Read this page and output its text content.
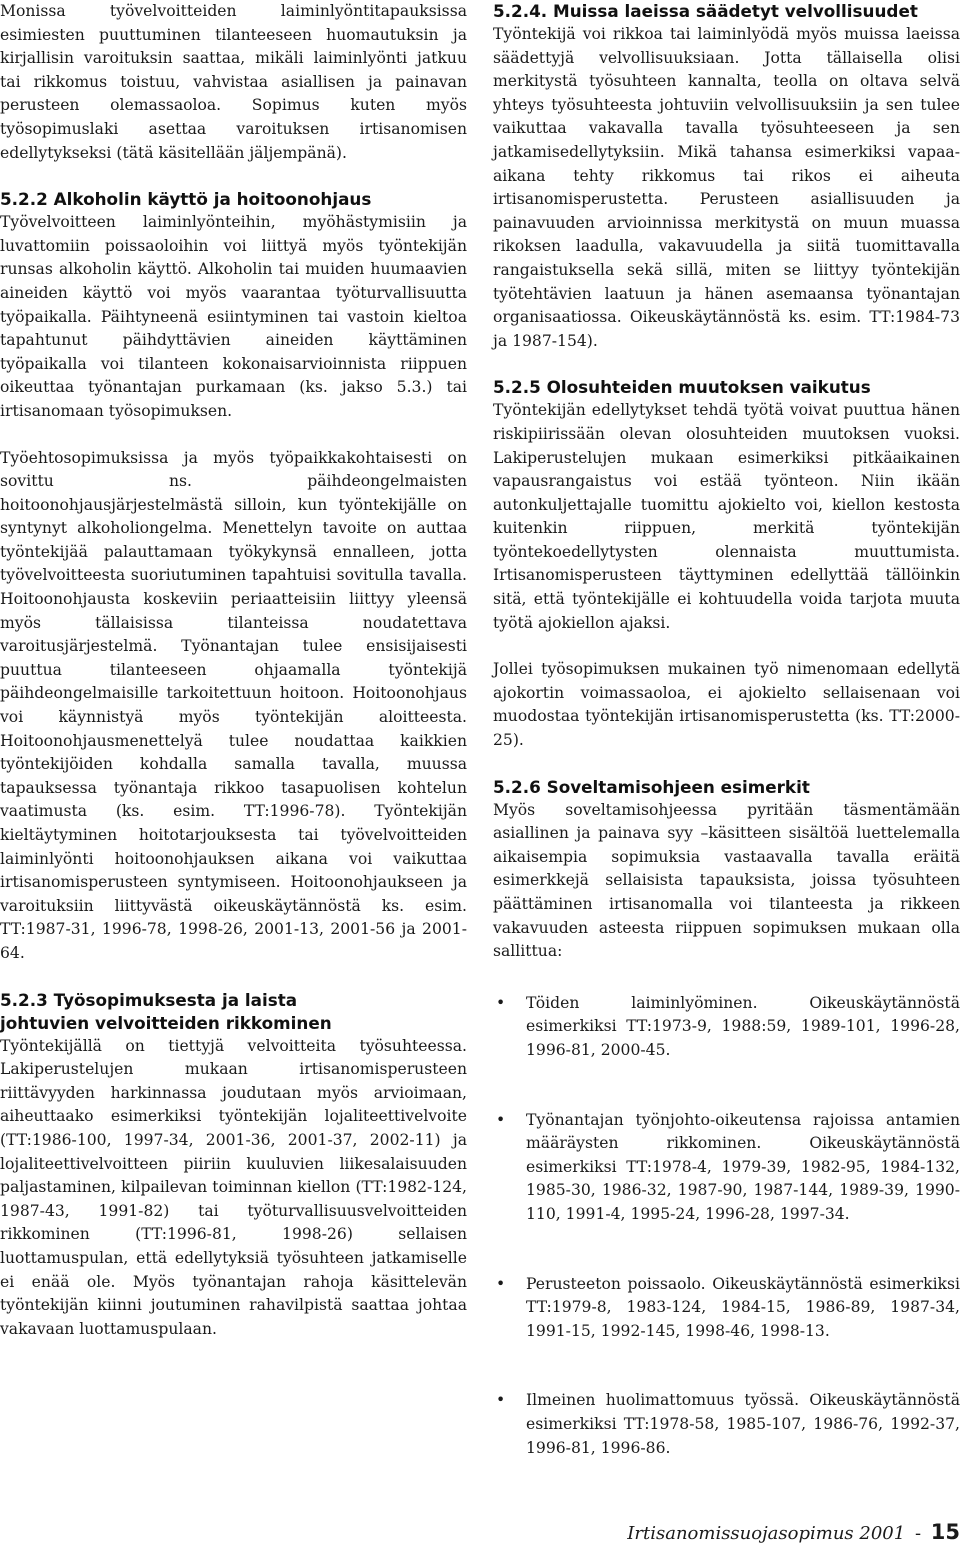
Monissa työvelvoitteiden laiminlyöntitapauksissa esimiesten puuttuminen tilanteeseen huomautuksin ja kirjallisin varoituksin saattaa, mikäli laiminlyönti jatkuu tai rikkomus toistuu, vahvistaa asiallisen ja painavan perusteen olemassaoloa. Sopimus kuten myös työsopimuslaki asettaa varoituksen irtisanomisen edellytykseksi (tätä käsitellään jäljempänä).

5.2.2 Alkoholin käyttö ja hoitoonohjaus

Työvelvoitteen laiminlyönteihin, myöhästymisiin ja luvattomiin poissaoloihin voi liittyä myös työntekijän runsas alkoholin käyttö. Alkoholin tai muiden huumaavien aineiden käyttö voi myös vaarantaa työturvallisuutta työpaikalla. Päihtyneenä esiintyminen tai vastoin kieltoa tapahtunut päihdyttävien aineiden käyttäminen työpaikalla voi tilanteen kokonaisarvioinnista riippuen oikeuttaa työnantajan purkamaan (ks. jakso 5.3.) tai irtisanomaan työsopimuksen.

Työehtosopimuksissa ja myös työpaikkakohtaisesti on sovittu ns. päihdeongelmaisten hoitoonohjausjärjestelmästä silloin, kun työntekijälle on syntynyt alkoholiongelma. Menettelyn tavoite on auttaa työntekijää palauttamaan työkykynsä ennalleen, jotta työvelvoitteesta suoriutuminen tapahtuisi sovitulla tavalla. Hoitoonohjausta koskeviin periaatteisiin liittyy yleensä myös tällaisissa tilanteissa noudatettava varoitusjärjestelmä. Työnantajan tulee ensisijaisesti puuttua tilanteeseen ohjaamalla työntekijä päihdeongelmaisille tarkoitettuun hoitoon. Hoitoonohjaus voi käynnistyä myös työntekijän aloitteesta. Hoitoonohjausmenettelyä tulee noudattaa kaikkien työntekijöiden kohdalla samalla tavalla, muussa tapauksessa työnantaja rikkoo tasapuolisen kohtelun vaatimusta (ks. esim. TT:1996-78). Työntekijän kieltäytyminen hoitotarjouksesta tai työvelvoitteiden laiminlyönti hoitoonohjauksen aikana voi vaikuttaa irtisanomisperusteen syntymiseen. Hoitoonohjaukseen ja varoituksiin liittyvästä oikeuskäytännöstä ks. esim. TT:1987-31, 1996-78, 1998-26, 2001-13, 2001-56 ja 2001-64.

5.2.3 Työsopimuksesta ja laista
johtuvien velvoitteiden rikkominen

Työntekijällä on tiettyjä velvoitteita työsuhteessa. Lakiperustelujen mukaan irtisanomisperusteen riittävyyden harkinnassa joudutaan myös arvioimaan, aiheuttaako esimerkiksi työntekijän lojaliteettivelvoite (TT:1986-100, 1997-34, 2001-36, 2001-37, 2002-11) ja lojaliteettivelvoitteen piiriin kuuluvien liikesalaisuuden paljastaminen, kilpailevan toiminnan kiellon (TT:1982-124, 1987-43, 1991-82) tai työturvallisuusvelvoitteiden rikkominen (TT:1996-81, 1998-26) sellaisen luottamuspulan, että edellytyksiä työsuhteen jatkamiselle ei enää ole. Myös työnantajan rahoja käsittelevän työntekijän kiinni joutuminen rahavilpistä saattaa johtaa vakavaan luottamuspulaan.

5.2.4. Muissa laeissa säädetyt velvollisuudet

Työntekijä voi rikkoa tai laiminlyödä myös muissa laeissa säädettyjä velvollisuuksiaan. Jotta tällaisella olisi merkitystä työsuhteen kannalta, teolla on oltava selvä yhteys työsuhteesta johtuviin velvollisuuksiin ja sen tulee vaikuttaa vakavalla tavalla työsuhteeseen ja sen jatkamisedellytyksiin. Mikä tahansa esimerkiksi vapaa-aikana tehty rikkomus tai rikos ei aiheuta irtisanomisperustetta. Perusteen asiallisuuden ja painavuuden arvioinnissa merkitystä on muun muassa rikoksen laadulla, vakavuudella ja siitä tuomittavalla rangaistuksella sekä sillä, miten se liittyy työntekijän työtehtävien laatuun ja hänen asemaansa työnantajan organisaatiossa. Oikeuskäytännöstä ks. esim. TT:1984-73 ja 1987-154).

5.2.5 Olosuhteiden muutoksen vaikutus

Työntekijän edellytykset tehdä työtä voivat puuttua hänen riskipiirissään olevan olosuhteiden muutoksen vuoksi. Lakiperustelujen mukaan esimerkiksi pitkäaikainen vapausrangaistus voi estää työnteon. Niin ikään autonkuljettajalle tuomittu ajokielto voi, kiellon kestosta kuitenkin riippuen, merkitä työntekijän työntekoedellytysten olennaista muuttumista. Irtisanomisperusteen täyttyminen edellyttää tällöinkin sitä, että työntekijälle ei kohtuudella voida tarjota muuta työtä ajokiellon ajaksi.

Jollei työsopimuksen mukainen työ nimenomaan edellytä ajokortin voimassaoloa, ei ajokielto sellaisenaan voi muodostaa työntekijän irtisanomisperustetta (ks. TT:2000-25).

5.2.6 Soveltamisohjeen esimerkit

Myös soveltamisohjeessa pyritään täsmentämään asiallinen ja painava syy –käsitteen sisältöä luettelemalla aikaisempia sopimuksia vastaavalla tavalla eräitä esimerkkejä sellaisista tapauksista, joissa työsuhteen päättäminen irtisanomalla voi tilanteesta ja rikkeen vakavuuden asteesta riippuen sopimuksen mukaan olla sallittua:

• Töiden laiminlyöminen. Oikeuskäytännöstä esimerkiksi TT:1973-9, 1988:59, 1989-101, 1996-28, 1996-81, 2000-45.
• Työnantajan työnjohto-oikeutensa rajoissa antamien määräysten rikkominen. Oikeuskäytännöstä esimerkiksi TT:1978-4, 1979-39, 1982-95, 1984-132, 1985-30, 1986-32, 1987-90, 1987-144, 1989-39, 1990-110, 1991-4, 1995-24, 1996-28, 1997-34.
• Perusteeton poissaolo. Oikeuskäytännöstä esimerkiksi TT:1979-8, 1983-124, 1984-15, 1986-89, 1987-34, 1991-15, 1992-145, 1998-46, 1998-13.
• Ilmeinen huolimattomuus työssä. Oikeuskäytännöstä esimerkiksi TT:1978-58, 1985-107, 1986-76, 1992-37, 1996-81, 1996-86.
Irtisanomissuojasopimus 2001 - 15
